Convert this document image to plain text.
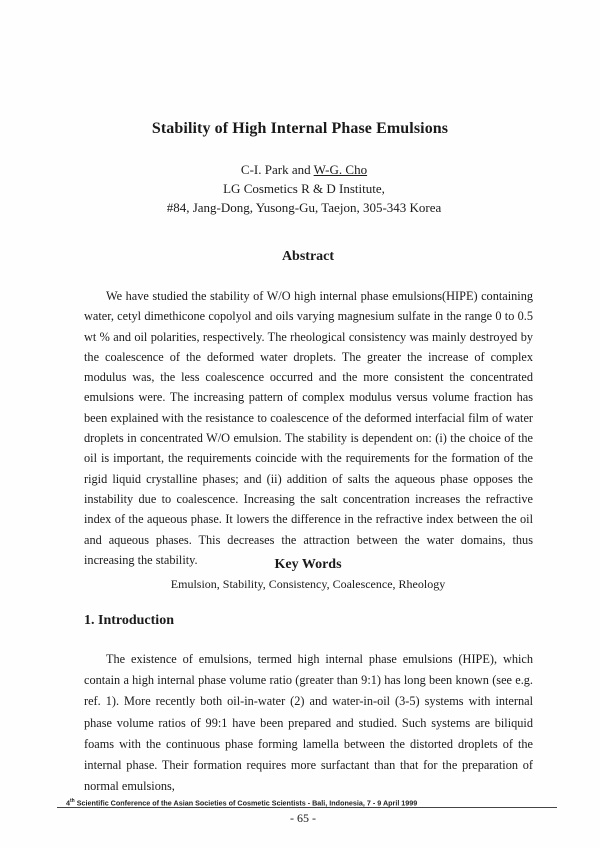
Stability of High Internal Phase Emulsions
C-I. Park and W-G. Cho
LG Cosmetics R & D Institute,
#84, Jang-Dong, Yusong-Gu, Taejon, 305-343 Korea
Abstract
We have studied the stability of W/O high internal phase emulsions(HIPE) containing water, cetyl dimethicone copolyol and oils varying magnesium sulfate in the range 0 to 0.5 wt % and oil polarities, respectively. The rheological consistency was mainly destroyed by the coalescence of the deformed water droplets. The greater the increase of complex modulus was, the less coalescence occurred and the more consistent the concentrated emulsions were. The increasing pattern of complex modulus versus volume fraction has been explained with the resistance to coalescence of the deformed interfacial film of water droplets in concentrated W/O emulsion. The stability is dependent on: (i) the choice of the oil is important, the requirements coincide with the requirements for the formation of the rigid liquid crystalline phases; and (ii) addition of salts the aqueous phase opposes the instability due to coalescence. Increasing the salt concentration increases the refractive index of the aqueous phase. It lowers the difference in the refractive index between the oil and aqueous phases. This decreases the attraction between the water domains, thus increasing the stability.	Key Words
Emulsion, Stability, Consistency, Coalescence, Rheology
1. Introduction
The existence of emulsions, termed high internal phase emulsions (HIPE), which contain a high internal phase volume ratio (greater than 9:1) has long been known (see e.g. ref. 1). More recently both oil-in-water (2) and water-in-oil (3-5) systems with internal phase volume ratios of 99:1 have been prepared and studied. Such systems are biliquid foams with the continuous phase forming lamella between the distorted droplets of the internal phase. Their formation requires more surfactant than that for the preparation of normal emulsions,
4th Scientific Conference of the Asian Societies of Cosmetic Scientists - Bali, Indonesia, 7 - 9 April 1999
- 65 -
